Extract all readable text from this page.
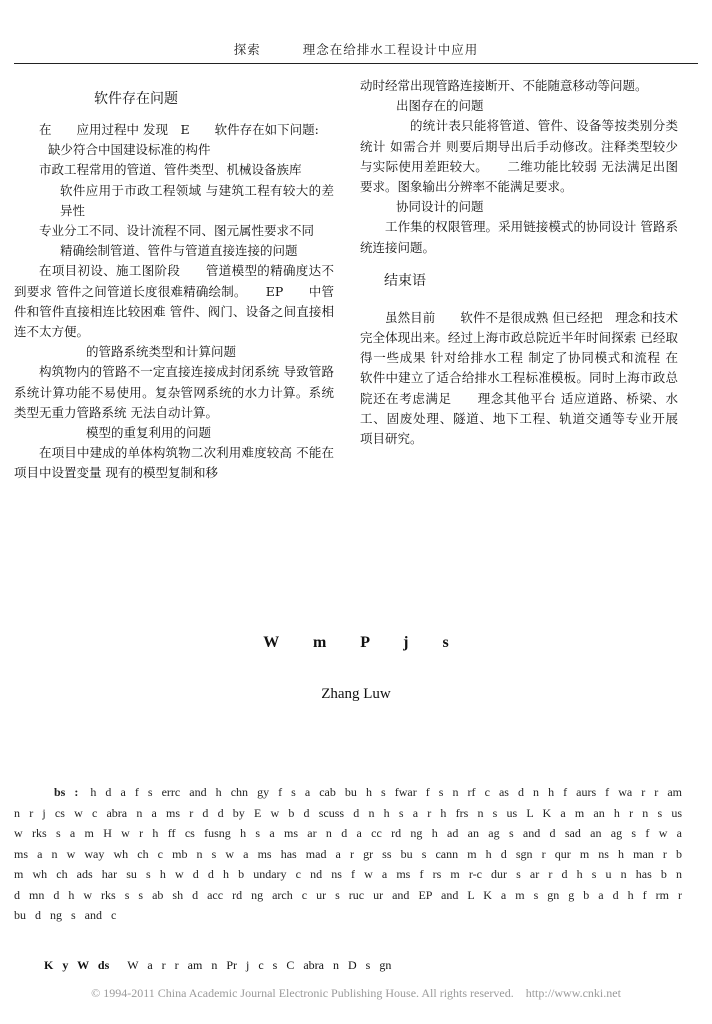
探索	理念在给排水工程设计中应用
软件存在问题

在　　应用过程中 发现　E　　软件存在如下问题:

缺少符合中国建设标准的构件

市政工程常用的管道、管件类型、机械设备族库

软件应用于市政工程领域 与建筑工程有较大的差异性

专业分工不同、设计流程不同、图元属性要求不同

精确绘制管道、管件与管道直接连接的问题

在项目初设、施工图阶段　　管道模型的精确度达不到要求 管件之间管道长度很难精确绘制。　　EP　　中管件和管件直接相连比较困难 管件、阀门、设备之间直接相连不太方便。

的管路系统类型和计算问题

构筑物内的管路不一定直接连接成封闭系统 导致管路系统计算功能不易使用。复杂管网系统的水力计算。系统类型无重力管路系统 无法自动计算。

模型的重复利用的问题

在项目中建成的单体构筑物二次利用难度较高 不能在项目中设置变量 现有的模型复制和移

动时经常出现管路连接断开、不能随意移动等问题。

出图存在的问题

的统计表只能将管道、管件、设备等按类别分类统计 如需合并 则要后期导出后手动修改。注释类型较少 与实际使用差距较大。　　二维功能比较弱 无法满足出图要求。图象输出分辨率不能满足要求。

协同设计的问题

工作集的权限管理。采用链接模式的协同设计 管路系统连接问题。

结束语

虽然目前　　软件不是很成熟 但已经把　理念和技术完全体现出来。经过上海市政总院近半年时间探索 已经取得一些成果 针对给排水工程 制定了协同模式和流程 在　　软件中建立了适合给排水工程标准模板。同时上海市政总院还在考虑满足　　理念其他平台 适应道路、桥梁、水工、固废处理、隧道、地下工程、轨道交通等专业开展　　项目研究。

W m P j s
Zhang Luw
bs : h d a f s errc and h chn gy f s a cab bu h s fwar f s n rf c as d n h f aurs f wa r r am n r j cs w c abra n a ms r d d by E w b d scuss d n h s a r h frs n s us L K a m an h r n s us w rks s a m H w r h ff cs fusng h s a ms ar n d a cc rd ng h ad an ag s and d sad an ag s f w a ms a n w way wh ch c mb n s w a ms has mad a r gr ss bu s cann m h d sgn r qur m ns h man r b m wh ch ads har su s h w d d h b undary c nd ns f w a ms f rs m r-c dur s ar r d h s u n has b n d mn d h w rks s s ab sh d acc rd ng arch c ur s ruc ur and EP and L K a m s gn g b a d h f rm r bu d ng s and c
K y W ds W a r r am n Pr j c s C abra n D s gn
© 1994-2011 China Academic Journal Electronic Publishing House. All rights reserved.　http://www.cnki.net
